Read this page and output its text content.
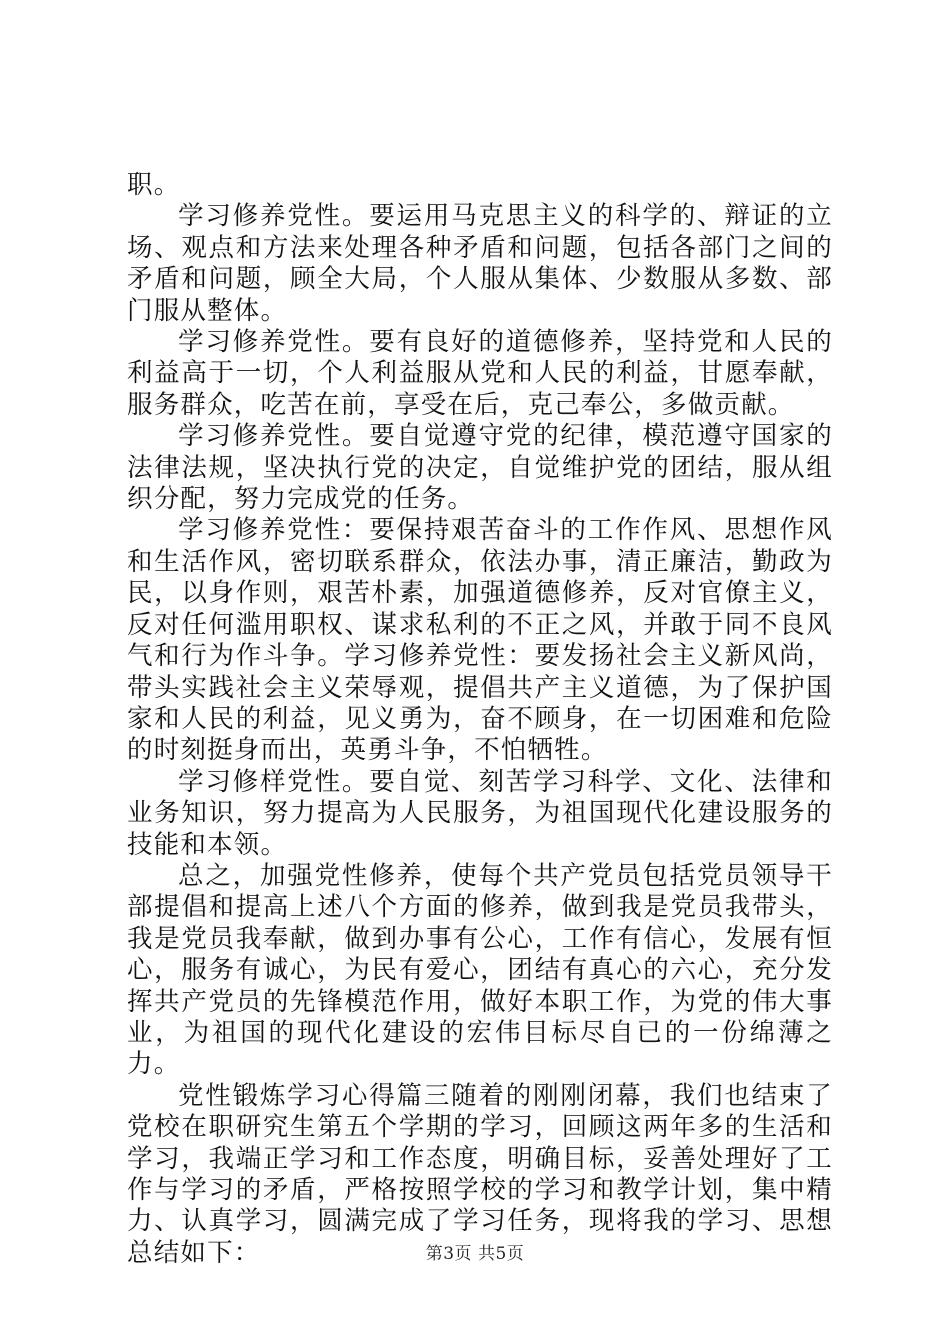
职。

学习修养党性。要运用马克思主义的科学的、辩证的立场、观点和方法来处理各种矛盾和问题，包括各部门之间的矛盾和问题，顾全大局，个人服从集体、少数服从多数、部门服从整体。

学习修养党性。要有良好的道德修养，坚持党和人民的利益高于一切，个人利益服从党和人民的利益，甘愿奉献，服务群众，吃苦在前，享受在后，克己奉公，多做贡献。

学习修养党性。要自觉遵守党的纪律，模范遵守国家的法律法规，坚决执行党的决定，自觉维护党的团结，服从组织分配，努力完成党的任务。

学习修养党性：要保持艰苦奋斗的工作作风、思想作风和生活作风，密切联系群众，依法办事，清正廉洁，勤政为民，以身作则，艰苦朴素，加强道德修养，反对官僚主义，反对任何滥用职权、谋求私利的不正之风，并敢于同不良风气和行为作斗争。学习修养党性：要发扬社会主义新风尚，带头实践社会主义荣辱观，提倡共产主义道德，为了保护国家和人民的利益，见义勇为，奋不顾身，在一切困难和危险的时刻挺身而出，英勇斗争，不怕牺牲。

学习修样党性。要自觉、刻苦学习科学、文化、法律和业务知识，努力提高为人民服务，为祖国现代化建设服务的技能和本领。

总之，加强党性修养，使每个共产党员包括党员领导干部提倡和提高上述八个方面的修养，做到我是党员我带头，我是党员我奉献，做到办事有公心，工作有信心，发展有恒心，服务有诚心，为民有爱心，团结有真心的六心，充分发挥共产党员的先锋模范作用，做好本职工作，为党的伟大事业，为祖国的现代化建设的宏伟目标尽自已的一份绵薄之力。

党性锻炼学习心得篇三随着的刚刚闭幕，我们也结束了党校在职研究生第五个学期的学习，回顾这两年多的生活和学习，我端正学习和工作态度，明确目标，妥善处理好了工作与学习的矛盾，严格按照学校的学习和教学计划，集中精力、认真学习，圆满完成了学习任务，现将我的学习、思想总结如下：	第3页 共5页
